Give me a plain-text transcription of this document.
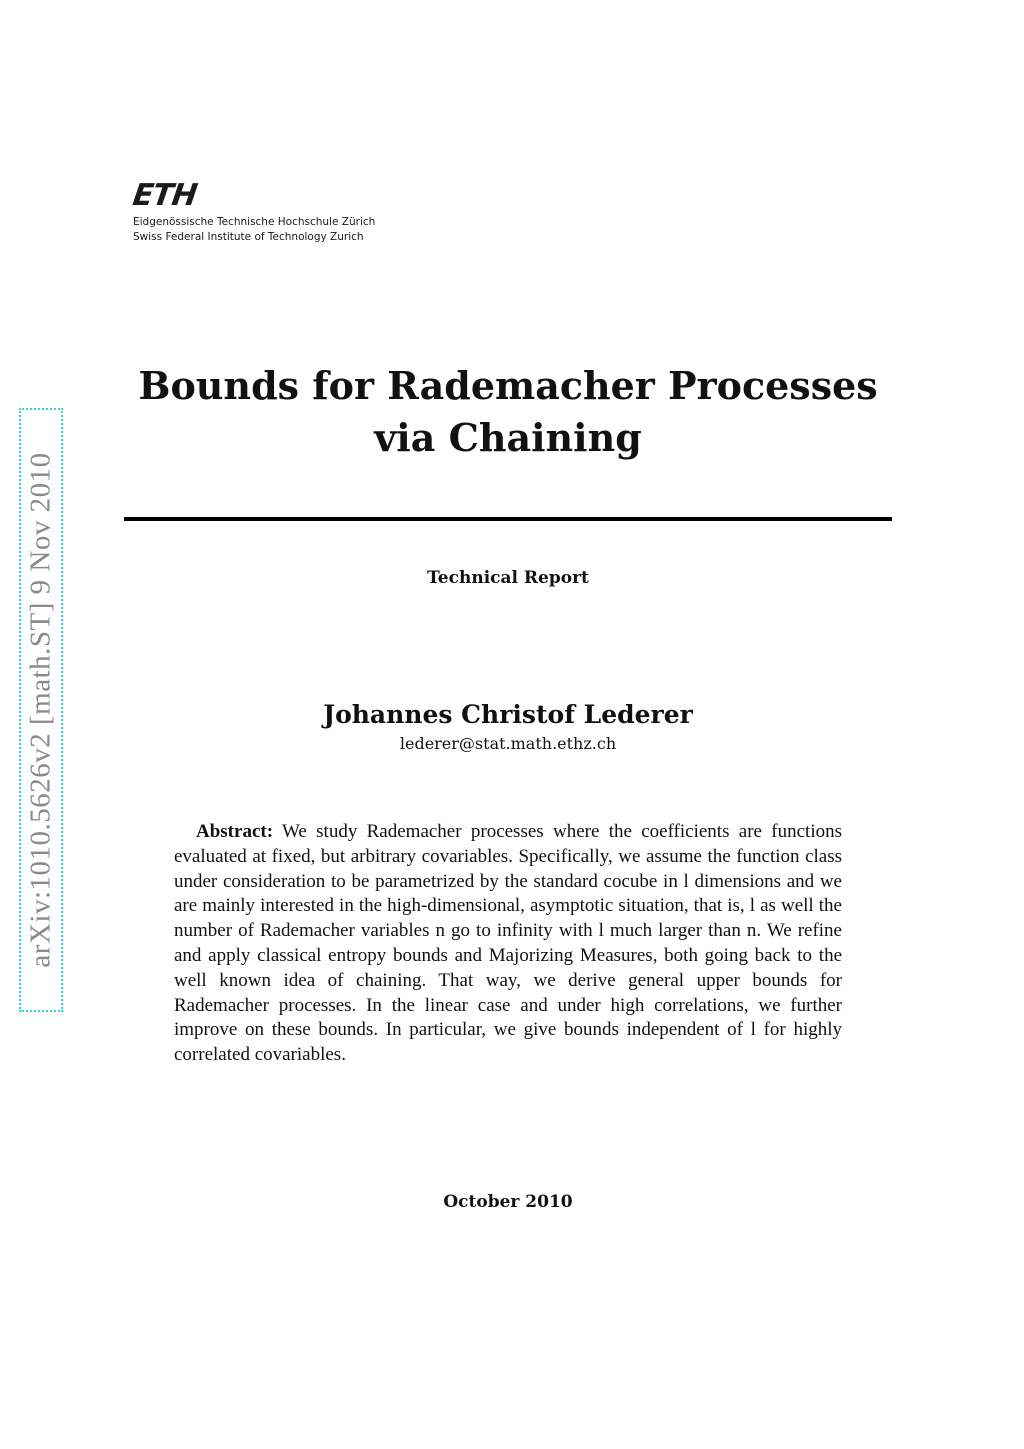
ETH
Eidgenössische Technische Hochschule Zürich
Swiss Federal Institute of Technology Zurich
arXiv:1010.5626v2 [math.ST] 9 Nov 2010
Bounds for Rademacher Processes via Chaining
Technical Report
Johannes Christof Lederer
lederer@stat.math.ethz.ch

Abstract: We study Rademacher processes where the coefficients are functions evaluated at fixed, but arbitrary covariables. Specifically, we assume the function class under consideration to be parametrized by the standard cocube in l dimensions and we are mainly interested in the high-dimensional, asymptotic situation, that is, l as well the number of Rademacher variables n go to infinity with l much larger than n. We refine and apply classical entropy bounds and Majorizing Measures, both going back to the well known idea of chaining. That way, we derive general upper bounds for Rademacher processes. In the linear case and under high correlations, we further improve on these bounds. In particular, we give bounds independent of l for highly correlated covariables.

October 2010
